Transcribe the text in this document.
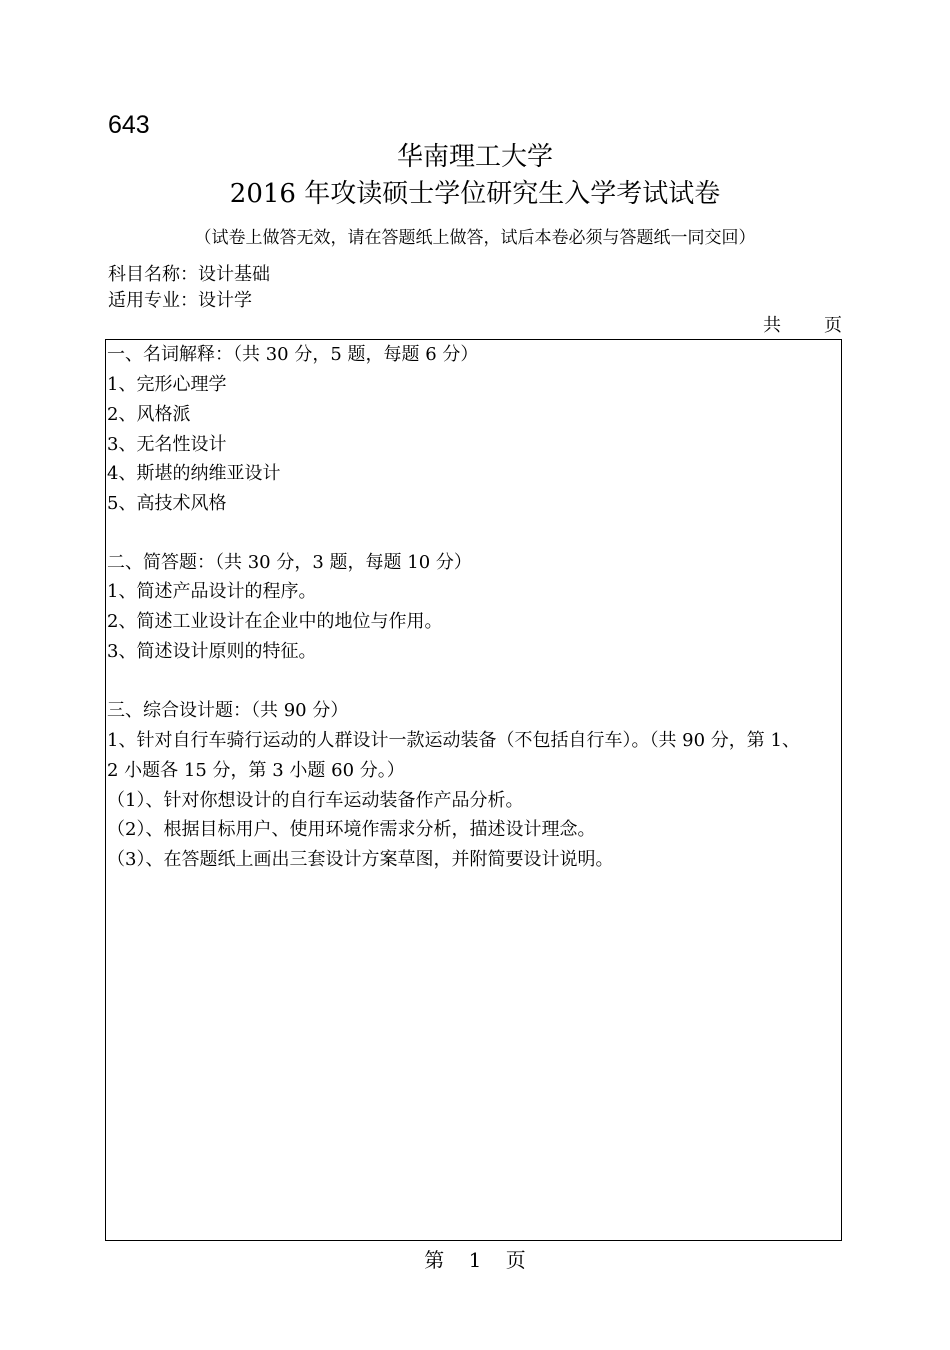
643
华南理工大学
2016 年攻读硕士学位研究生入学考试试卷
（试卷上做答无效，请在答题纸上做答，试后本卷必须与答题纸一同交回）
科目名称：设计基础
适用专业：设计学
共 页
一、名词解释：（共 30 分，5 题，每题 6 分）
1、完形心理学
2、风格派
3、无名性设计
4、斯堪的纳维亚设计
5、高技术风格
二、简答题：（共 30 分，3 题，每题 10 分）
1、简述产品设计的程序。
2、简述工业设计在企业中的地位与作用。
3、简述设计原则的特征。
三、综合设计题：（共 90 分）
1、针对自行车骑行运动的人群设计一款运动装备（不包括自行车）。（共 90 分，第 1、
2 小题各 15 分，第 3 小题 60 分。）
（1）、针对你想设计的自行车运动装备作产品分析。
（2）、根据目标用户、使用环境作需求分析，描述设计理念。
（3）、在答题纸上画出三套设计方案草图，并附简要设计说明。
第 1 页
